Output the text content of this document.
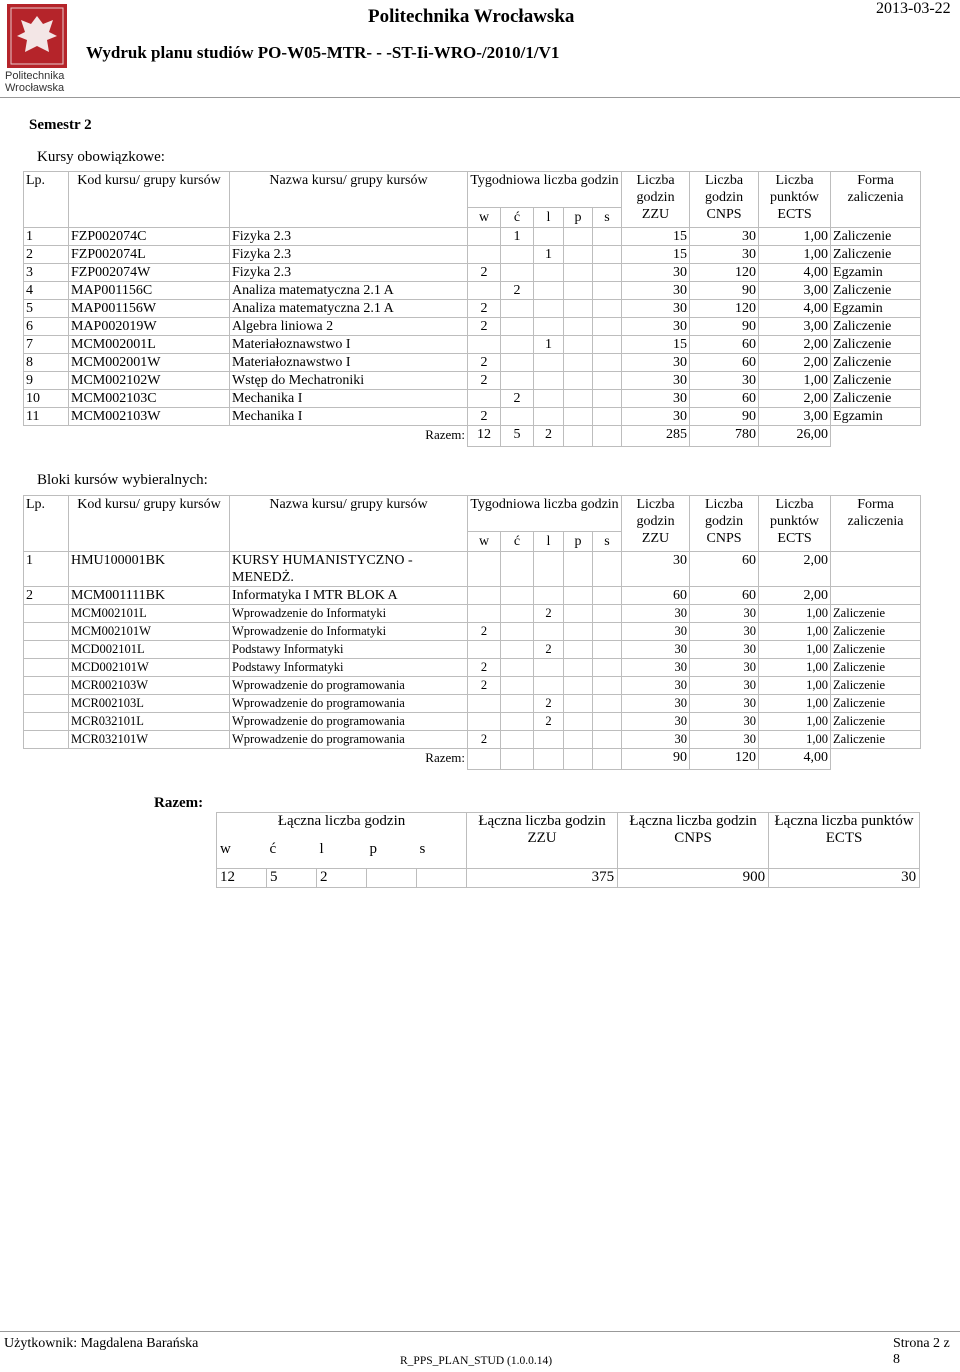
Politechnika
Wrocławska
Politechnika Wrocławska
Wydruk planu studiów PO-W05-MTR- - -ST-Ii-WRO-/2010/1/V1
2013-03-22
Semestr 2
Kursy obowiązkowe:
Lp.	Kod kursu/ grupy kursów	Nazwa kursu/ grupy kursów	Tygodniowa liczba godzin					Liczba godzin ZZU	Liczba godzin CNPS	Liczba punktów ECTS	Forma zaliczenia
			w	ć	l	p	s				
1	FZP002074C	Fizyka 2.3		1				15	30	1,00	Zaliczenie
2	FZP002074L	Fizyka 2.3			1			15	30	1,00	Zaliczenie
3	FZP002074W	Fizyka 2.3	2					30	120	4,00	Egzamin
4	MAP001156C	Analiza matematyczna 2.1 A		2				30	90	3,00	Zaliczenie
5	MAP001156W	Analiza matematyczna 2.1 A	2					30	120	4,00	Egzamin
6	MAP002019W	Algebra liniowa 2	2					30	90	3,00	Zaliczenie
7	MCM002001L	Materiałoznawstwo I			1			15	60	2,00	Zaliczenie
8	MCM002001W	Materiałoznawstwo I	2					30	60	2,00	Zaliczenie
9	MCM002102W	Wstęp do Mechatroniki	2					30	30	1,00	Zaliczenie
10	MCM002103C	Mechanika I		2				30	60	2,00	Zaliczenie
11	MCM002103W	Mechanika I	2					30	90	3,00	Egzamin
		Razem:	12	5	2			285	780	26,00	
Bloki kursów wybieralnych:
Lp.	Kod kursu/ grupy kursów	Nazwa kursu/ grupy kursów	Tygodniowa liczba godzin					Liczba godzin ZZU	Liczba godzin CNPS	Liczba punktów ECTS	Forma zaliczenia
			w	ć	l	p	s				
1	HMU100001BK	KURSY HUMANISTYCZNO - MENEDŻ.						30	60	2,00	
2	MCM001111BK	Informatyka I MTR BLOK A						60	60	2,00	
	MCM002101L	Wprowadzenie do Informatyki			2			30	30	1,00	Zaliczenie
	MCM002101W	Wprowadzenie do Informatyki	2					30	30	1,00	Zaliczenie
	MCD002101L	Podstawy Informatyki			2			30	30	1,00	Zaliczenie
	MCD002101W	Podstawy Informatyki	2					30	30	1,00	Zaliczenie
	MCR002103W	Wprowadzenie do programowania	2					30	30	1,00	Zaliczenie
	MCR002103L	Wprowadzenie do programowania			2			30	30	1,00	Zaliczenie
	MCR032101L	Wprowadzenie do programowania			2			30	30	1,00	Zaliczenie
	MCR032101W	Wprowadzenie do programowania	2					30	30	1,00	Zaliczenie
		Razem:						90	120	4,00	
Razem:
Łączna liczba godzin					Łączna liczba godzin ZZU	Łączna liczba godzin CNPS	Łączna liczba punktów ECTS
w	ć	l	p	s			
12	5	2			375	900	30
Użytkownik: Magdalena Barańska	Strona 2 z 8
R_PPS_PLAN_STUD (1.0.0.14)
